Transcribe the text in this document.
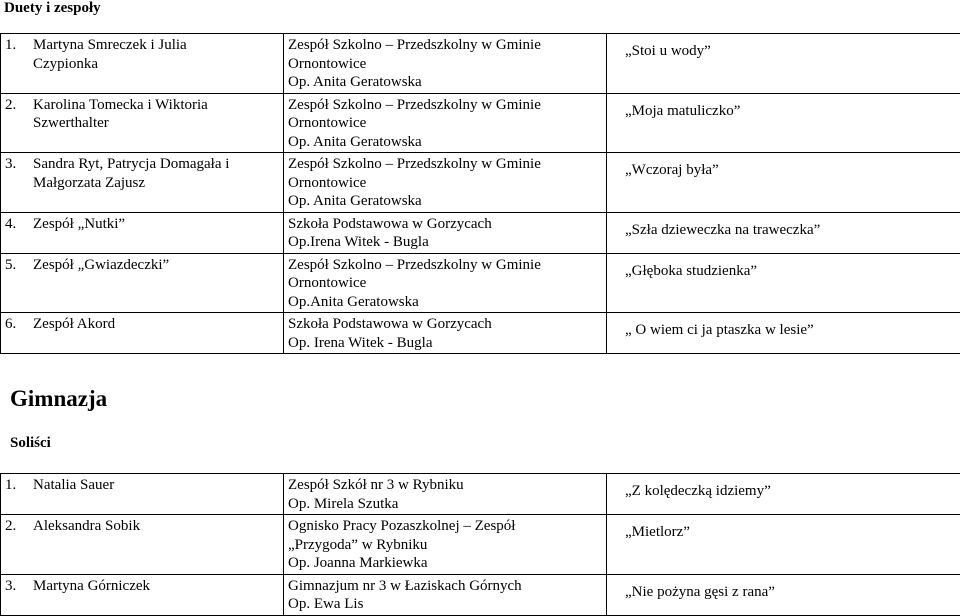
Duety i zespoły
1. Martyna Smreczek i Julia
Czypionka	Zespół Szkolno – Przedszkolny w Gminie
Ornontowice
Op. Anita Geratowska	„Stoi u wody”

2. Karolina Tomecka i Wiktoria
Szwerthalter	Zespół Szkolno – Przedszkolny w Gminie
Ornontowice
Op. Anita Geratowska	„Moja matuliczko”

3. Sandra Ryt, Patrycja Domagała i
Małgorzata Zajusz	Zespół Szkolno – Przedszkolny w Gminie
Ornontowice
Op. Anita Geratowska	„Wczoraj była”

4. Zespół „Nutki”	Szkoła Podstawowa w Gorzycach
Op.Irena Witek - Bugla	„Szła dzieweczka na traweczka”

5. Zespół „Gwiazdeczki”	Zespół Szkolno – Przedszkolny w Gminie
Ornontowice
Op.Anita Geratowska	„Głęboka studzienka”

6. Zespół Akord	Szkoła Podstawowa w Gorzycach
Op. Irena Witek - Bugla	„ O wiem ci ja ptaszka w lesie”
Gimnazja
Soliści
1. Natalia Sauer	Zespół Szkół nr 3 w Rybniku
Op. Mirela Szutka	„Z kolędeczką idziemy”

2. Aleksandra Sobik	Ognisko Pracy Pozaszkolnej – Zespół
„Przygoda” w Rybniku
Op. Joanna Markiewka	„Mietlorz”

3. Martyna Górniczek	Gimnazjum nr 3 w Łaziskach Górnych
Op. Ewa Lis	„Nie pożyna gęsi z rana”
